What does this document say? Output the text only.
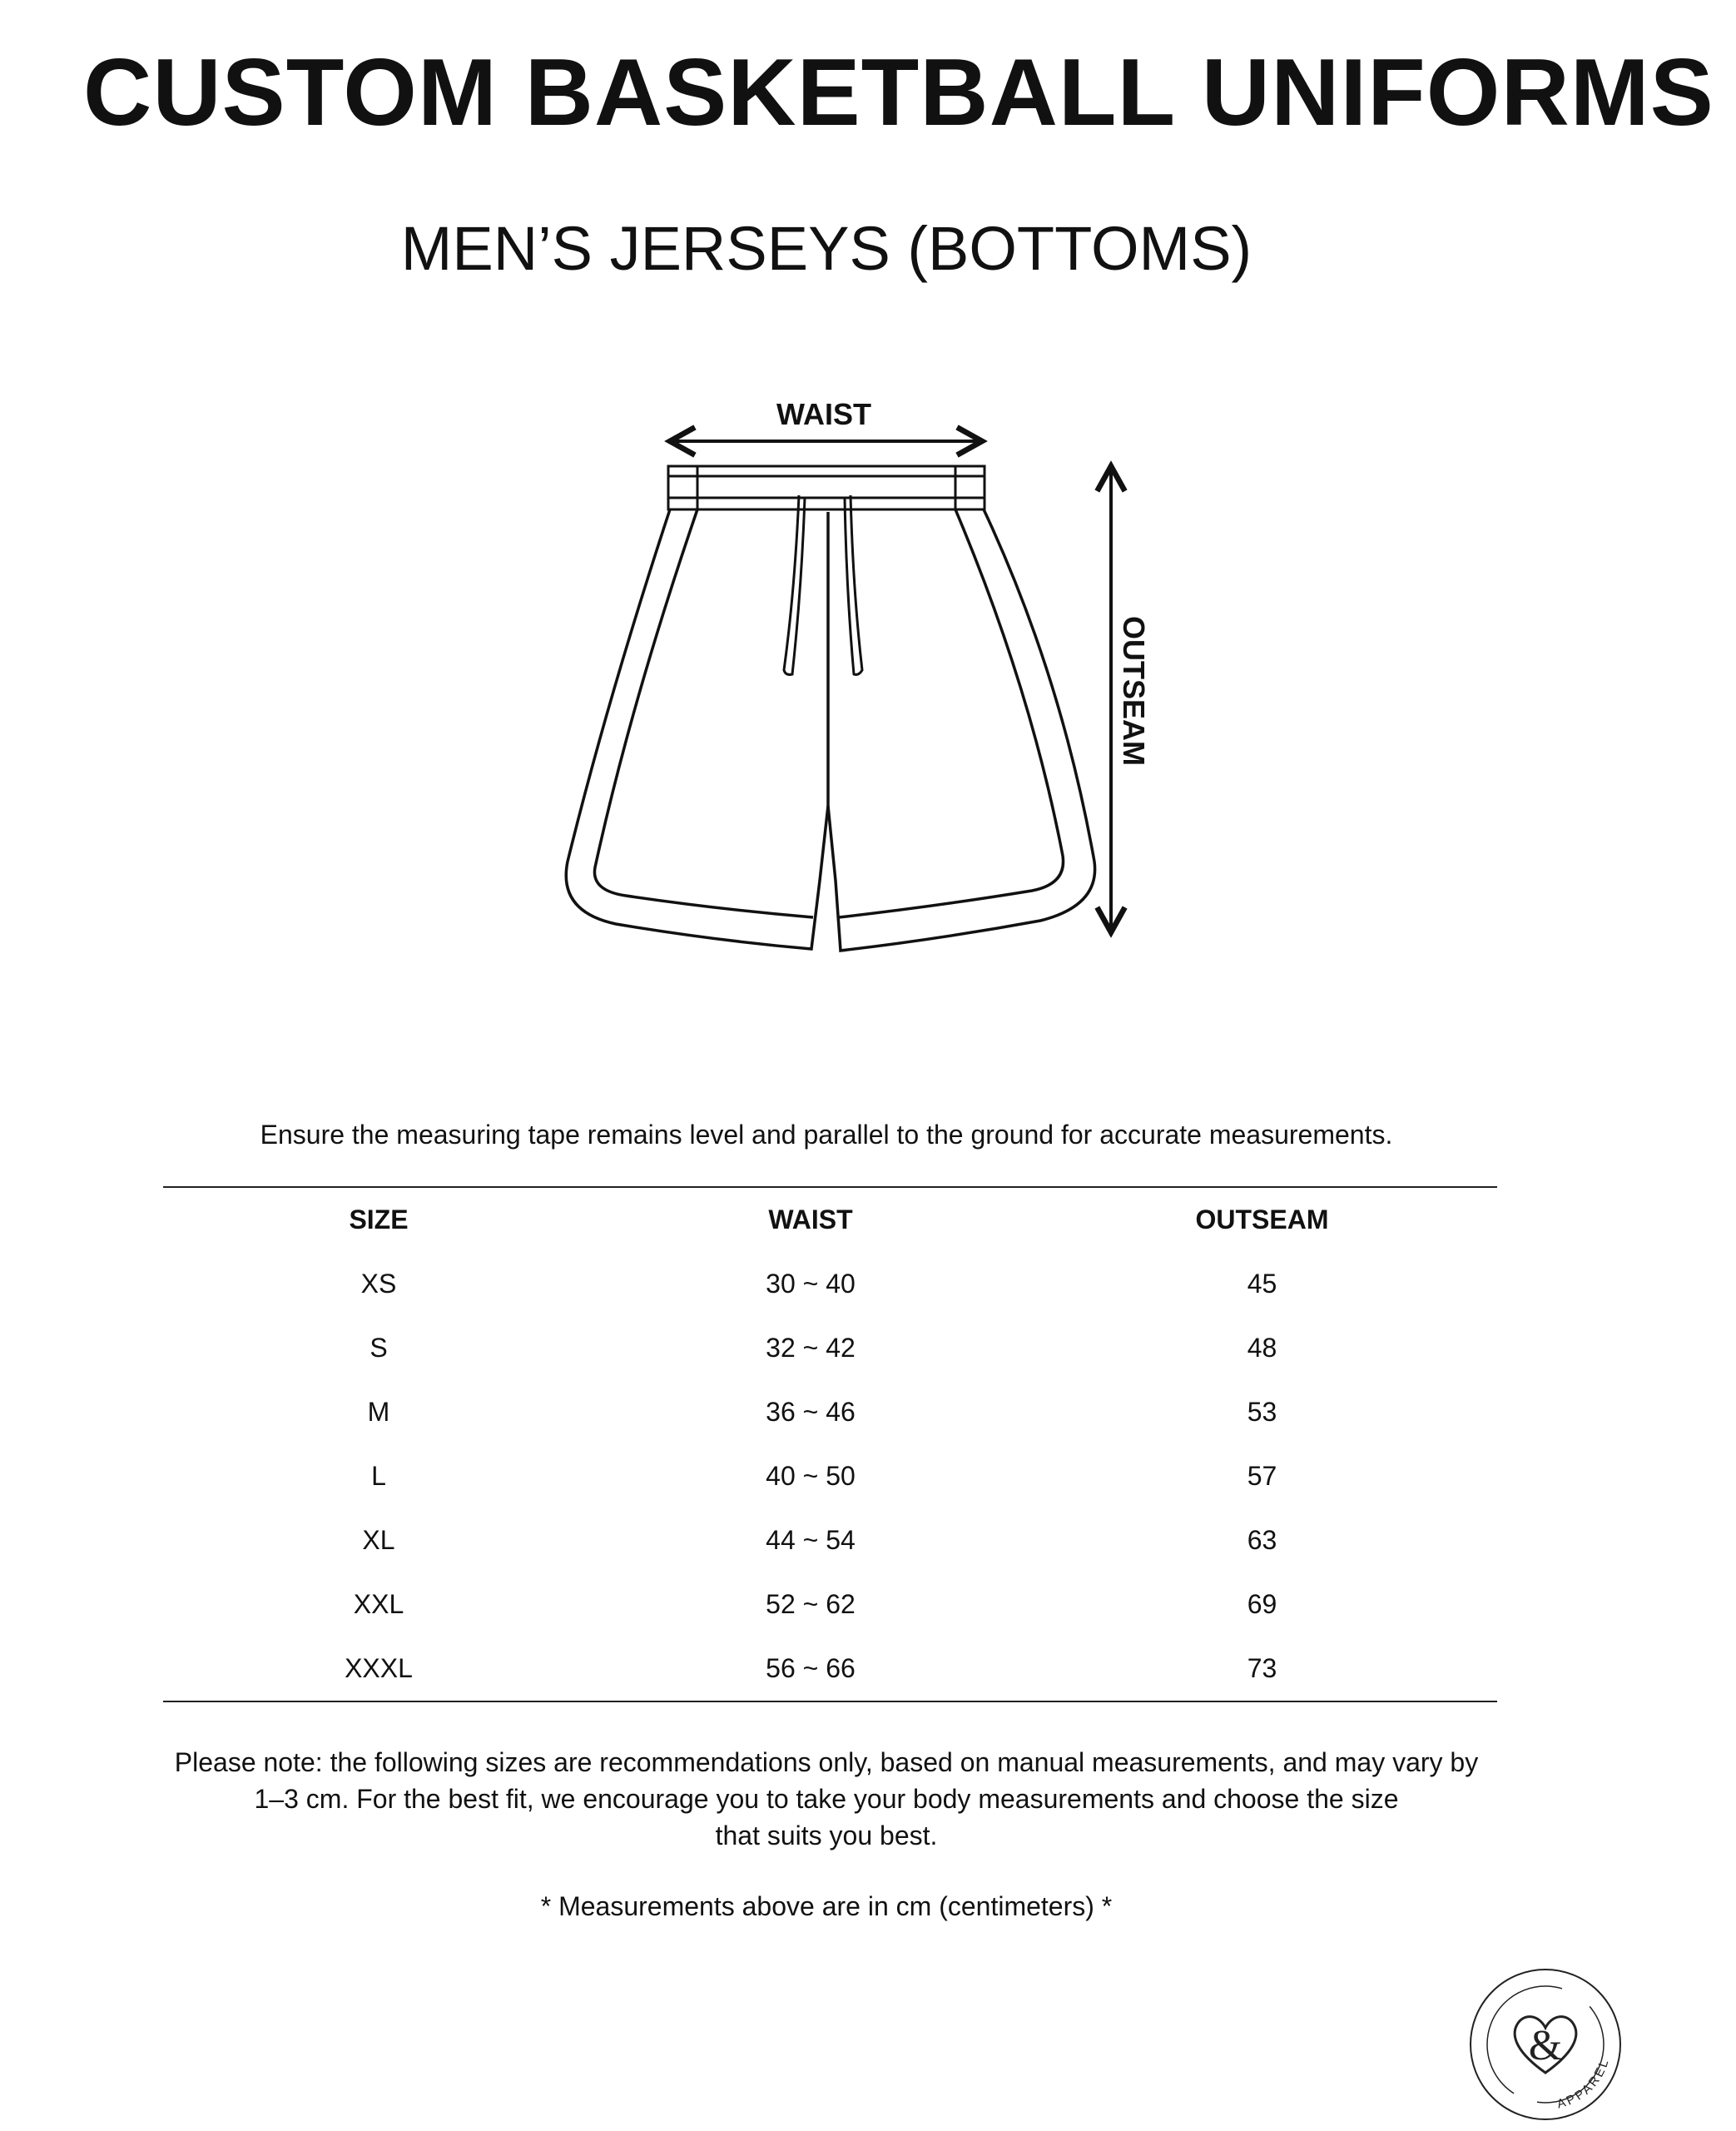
CUSTOM BASKETBALL UNIFORMS
MEN’S JERSEYS (BOTTOMS)
WAIST
OUTSEAM
Ensure the measuring tape remains level and parallel to the ground for accurate measurements.
SIZE	WAIST	OUTSEAM
XS	30 ~ 40	45
S	32 ~ 42	48
M	36 ~ 46	53
L	40 ~ 50	57
XL	44 ~ 54	63
XXL	52 ~ 62	69
XXXL	56 ~ 66	73
Please note: the following sizes are recommendations only, based on manual measurements, and may vary by
1–3 cm. For the best fit, we encourage you to take your body measurements and choose the size
that suits you best.
* Measurements above are in cm (centimeters) *
&
APPAREL
